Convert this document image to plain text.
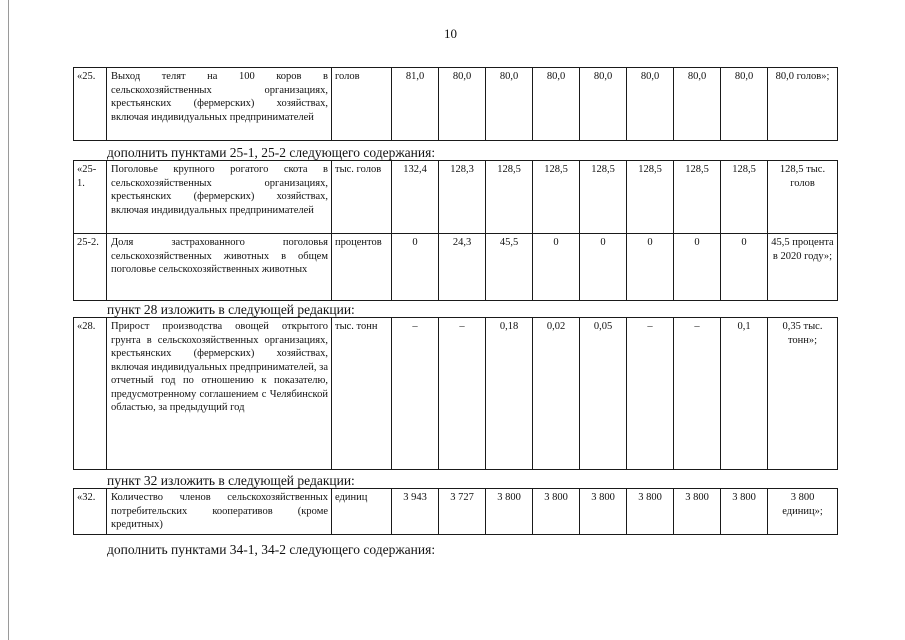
10
«25.	Выход телят на 100 коров в сельскохозяйственных организациях, крестьянских (фермерских) хозяйствах, включая индивидуальных предпринимателей	голов	81,0	80,0	80,0	80,0	80,0	80,0	80,0	80,0	80,0 голов»;
дополнить пунктами 25-1, 25-2 следующего содержания:
«25-1.	Поголовье крупного рогатого скота в сельскохозяйственных организациях, крестьянских (фермерских) хозяйствах, включая индивидуальных предпринимателей	тыс. голов	132,4	128,3	128,5	128,5	128,5	128,5	128,5	128,5	128,5 тыс. голов
25-2.	Доля застрахованного поголовья сельскохозяйственных животных в общем поголовье сельскохозяйственных животных	процентов	0	24,3	45,5	0	0	0	0	0	45,5 процента в 2020 году»;
пункт 28 изложить в следующей редакции:
«28.	Прирост производства овощей открытого грунта в сельскохозяйственных организациях, крестьянских (фермерских) хозяйствах, включая индивидуальных предпринимателей, за отчетный год по отношению к показателю, предусмотренному соглашением с Челябинской областью, за предыдущий год	тыс. тонн	–	–	0,18	0,02	0,05	–	–	0,1	0,35 тыс. тонн»;
пункт 32 изложить в следующей редакции:
«32.	Количество членов сельскохозяйственных потребительских кооперативов (кроме кредитных)	единиц	3 943	3 727	3 800	3 800	3 800	3 800	3 800	3 800	3 800 единиц»;
дополнить пунктами 34-1, 34-2 следующего содержания:
